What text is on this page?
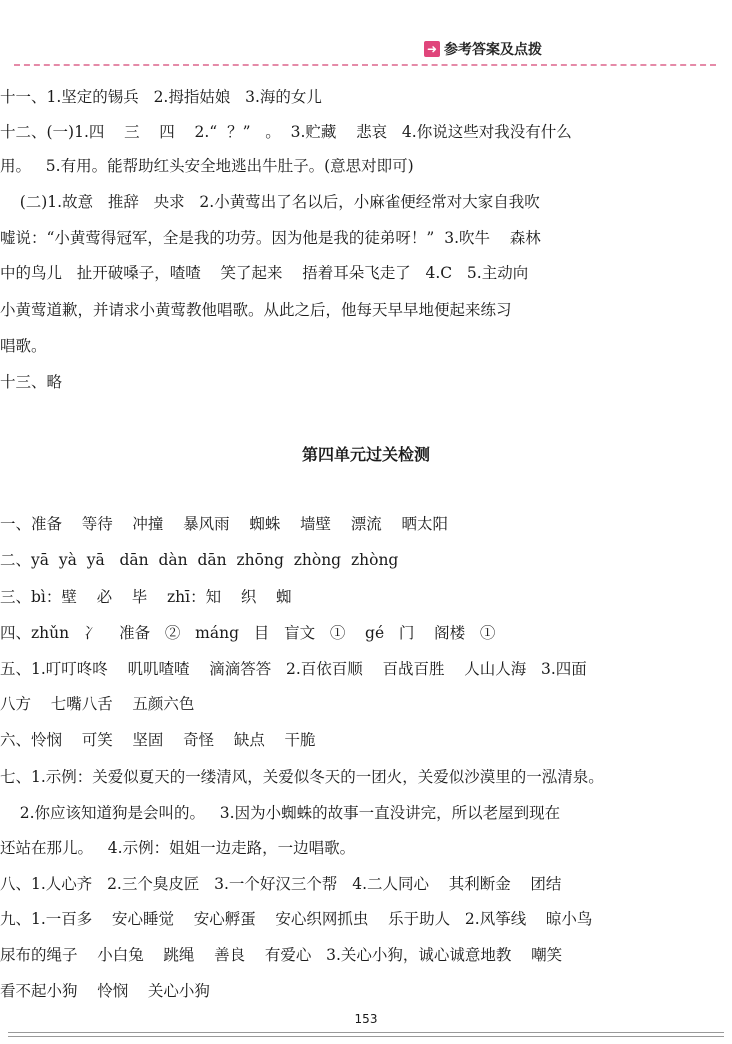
➜ 参考答案及点拨
十一、1.坚定的锡兵   2.拇指姑娘   3.海的女儿
十二、(一)1.四    三    四    2.“  ？”   。  3.贮藏    悲哀   4.你说这些对我没有什么
用。   5.有用。能帮助红头安全地逃出牛肚子。(意思对即可)
(二)1.故意   推辞   央求   2.小黄莺出了名以后，小麻雀便经常对大家自我吹
嘘说：“小黄莺得冠军，全是我的功劳。因为他是我的徒弟呀！”  3.吹牛    森林
中的鸟儿   扯开破嗓子，喳喳    笑了起来    捂着耳朵飞走了   4.C   5.主动向
小黄莺道歉，并请求小黄莺教他唱歌。从此之后，他每天早早地便起来练习
唱歌。
十三、略
第四单元过关检测
一、准备    等待    冲撞    暴风雨    蜘蛛    墙壁    漂流    晒太阳
二、yā  yà  yā   dān  dàn  dān  zhōng  zhòng  zhòng
三、bì：壁    必    毕    zhī：知    织    蜘
四、zhǔn   冫    准备   ②   máng   目   盲文   ①    gé   门    阁楼   ①
五、1.叮叮咚咚    叽叽喳喳    滴滴答答   2.百依百顺    百战百胜    人山人海   3.四面
八方    七嘴八舌    五颜六色
六、怜悯    可笑    坚固    奇怪    缺点    干脆
七、1.示例：关爱似夏天的一缕清风，关爱似冬天的一团火，关爱似沙漠里的一泓清泉。
2.你应该知道狗是会叫的。   3.因为小蜘蛛的故事一直没讲完，所以老屋到现在
还站在那儿。   4.示例：姐姐一边走路，一边唱歌。
八、1.人心齐   2.三个臭皮匠   3.一个好汉三个帮   4.二人同心    其利断金    团结
九、1.一百多    安心睡觉    安心孵蛋    安心织网抓虫    乐于助人   2.风筝线    晾小鸟
尿布的绳子    小白兔    跳绳    善良    有爱心   3.关心小狗，诚心诚意地教    嘲笑
看不起小狗    怜悯    关心小狗
153
